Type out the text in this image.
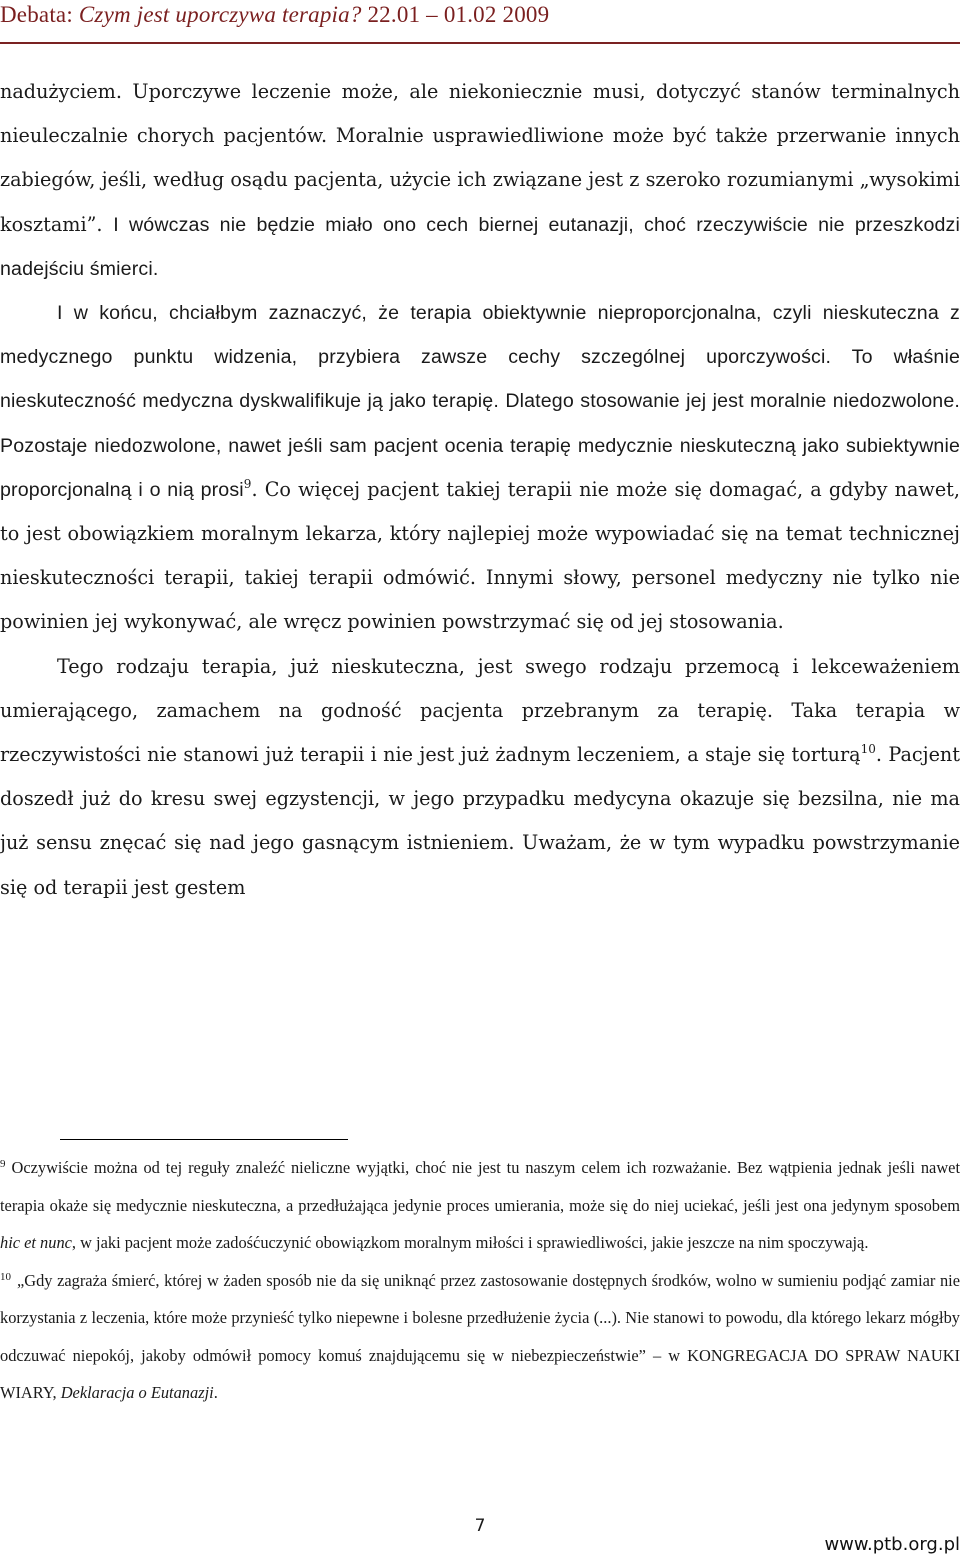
Debata: Czym jest uporczywa terapia? 22.01 – 01.02 2009

nadużyciem. Uporczywe leczenie może, ale niekoniecznie musi, dotyczyć stanów terminalnych nieuleczalnie chorych pacjentów. Moralnie usprawiedliwione może być także przerwanie innych zabiegów, jeśli, według osądu pacjenta, użycie ich związane jest z szeroko rozumianymi „wysokimi kosztami”. I wówczas nie będzie miało ono cech biernej eutanazji, choć rzeczywiście nie przeszkodzi nadejściu śmierci.

I w końcu, chciałbym zaznaczyć, że terapia obiektywnie nieproporcjonalna, czyli nieskuteczna z medycznego punktu widzenia, przybiera zawsze cechy szczególnej uporczywości. To właśnie nieskuteczność medyczna dyskwalifikuje ją jako terapię. Dlatego stosowanie jej jest moralnie niedozwolone. Pozostaje niedozwolone, nawet jeśli sam pacjent ocenia terapię medycznie nieskuteczną jako subiektywnie proporcjonalną i o nią prosi$^9$. Co więcej pacjent takiej terapii nie może się domagać, a gdyby nawet, to jest obowiązkiem moralnym lekarza, który najlepiej może wypowiadać się na temat technicznej nieskuteczności terapii, takiej terapii odmówić. Innymi słowy, personel medyczny nie tylko nie powinien jej wykonywać, ale wręcz powinien powstrzymać się od jej stosowania.

Tego rodzaju terapia, już nieskuteczna, jest swego rodzaju przemocą i lekceważeniem umierającego, zamachem na godność pacjenta przebranym za terapię. Taka terapia w rzeczywistości nie stanowi już terapii i nie jest już żadnym leczeniem, a staje się torturą$^{10}$. Pacjent doszedł już do kresu swej egzystencji, w jego przypadku medycyna okazuje się bezsilna, nie ma już sensu znęcać się nad jego gasnącym istnieniem. Uważam, że w tym wypadku powstrzymanie się od terapii jest gestem

$^9$ Oczywiście można od tej reguły znaleźć nieliczne wyjątki, choć nie jest tu naszym celem ich rozważanie. Bez wątpienia jednak jeśli nawet terapia okaże się medycznie nieskuteczna, a przedłużająca jedynie proces umierania, może się do niej uciekać, jeśli jest ona jedynym sposobem hic et nunc, w jaki pacjent może zadośćuczynić obowiązkom moralnym miłości i sprawiedliwości, jakie jeszcze na nim spoczywają.

$^{10}$ „Gdy zagraża śmierć, której w żaden sposób nie da się uniknąć przez zastosowanie dostępnych środków, wolno w sumieniu podjąć zamiar nie korzystania z leczenia, które może przynieść tylko niepewne i bolesne przedłużenie życia (...). Nie stanowi to powodu, dla którego lekarz mógłby odczuwać niepokój, jakoby odmówił pomocy komuś znajdującemu się w niebezpieczeństwie” – w KONGREGACJA DO SPRAW NAUKI WIARY, Deklaracja o Eutanazji.

7
www.ptb.org.pl
